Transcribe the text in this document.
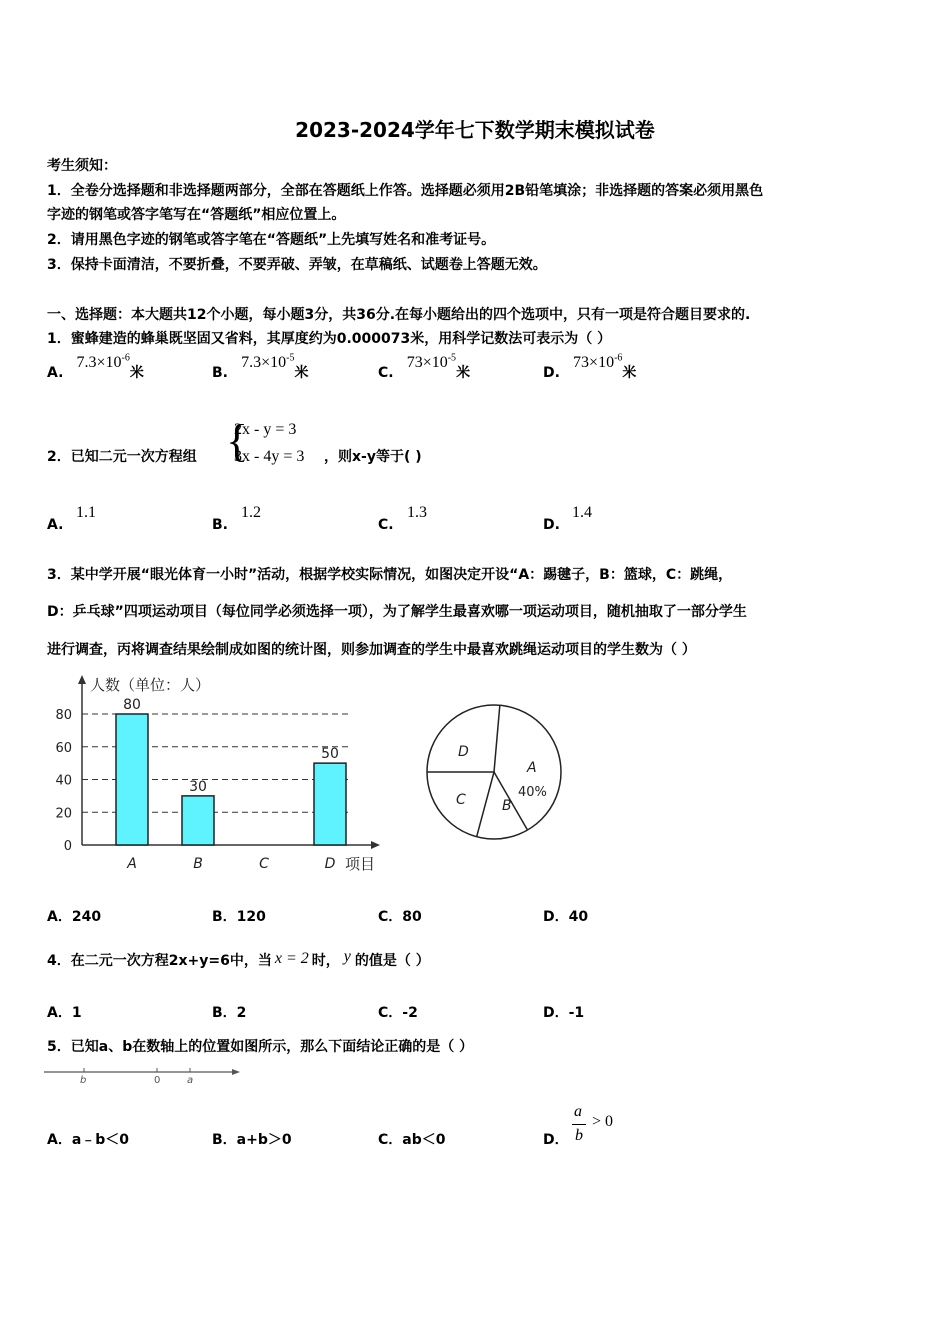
2023-2024学年七下数学期末模拟试卷
考生须知：
1．全卷分选择题和非选择题两部分，全部在答题纸上作答。选择题必须用2B铅笔填涂；非选择题的答案必须用黑色
字迹的钢笔或答字笔写在“答题纸”相应位置上。
2．请用黑色字迹的钢笔或答字笔在“答题纸”上先填写姓名和准考证号。
3．保持卡面清洁，不要折叠，不要弄破、弄皱，在草稿纸、试题卷上答题无效。
一、选择题：本大题共12个小题，每小题3分，共36分.在每小题给出的四个选项中，只有一项是符合题目要求的.
1．蜜蜂建造的蜂巢既坚固又省料，其厚度约为0.000073米，用科学记数法可表示为（ ）
A. $7.3\times 10^{-6}$米	B. $7.3\times 10^{-5}$米	C. $73\times 10^{-5}$米	D. $73\times 10^{-6}$米
2．已知二元一次方程组 {
2x - y = 3
3x - 4y = 3 ，则x-y等于( )
A.
1.1
B.
1.2
C.
1.3
D.
1.4
3．某中学开展“眼光体育一小时”活动，根据学校实际情况，如图决定开设“A：踢毽子，B：篮球，C：跳绳，
D：乒乓球”四项运动项目（每位同学必须选择一项），为了解学生最喜欢哪一项运动项目，随机抽取了一部分学生
进行调查，丙将调查结果绘制成如图的统计图，则参加调查的学生中最喜欢跳绳运动项目的学生数为（ ）
人数（单位：人）
项目
0
20
40
60
80
80
A
30
B	C
50
D
A
B
C
D
40%
A．240	B．120	C．80	D．40
4．在二元一次方程2x+y=6中，当 x = 2 时， y 的值是（ ）
A．1	B．2	C．-2	D．-1
5．已知a、b在数轴上的位置如图所示，那么下面结论正确的是（ ）
b	0	a
A．a﹣b＜0	B．a+b＞0	C．ab＜0	D．
a
b
> 0
